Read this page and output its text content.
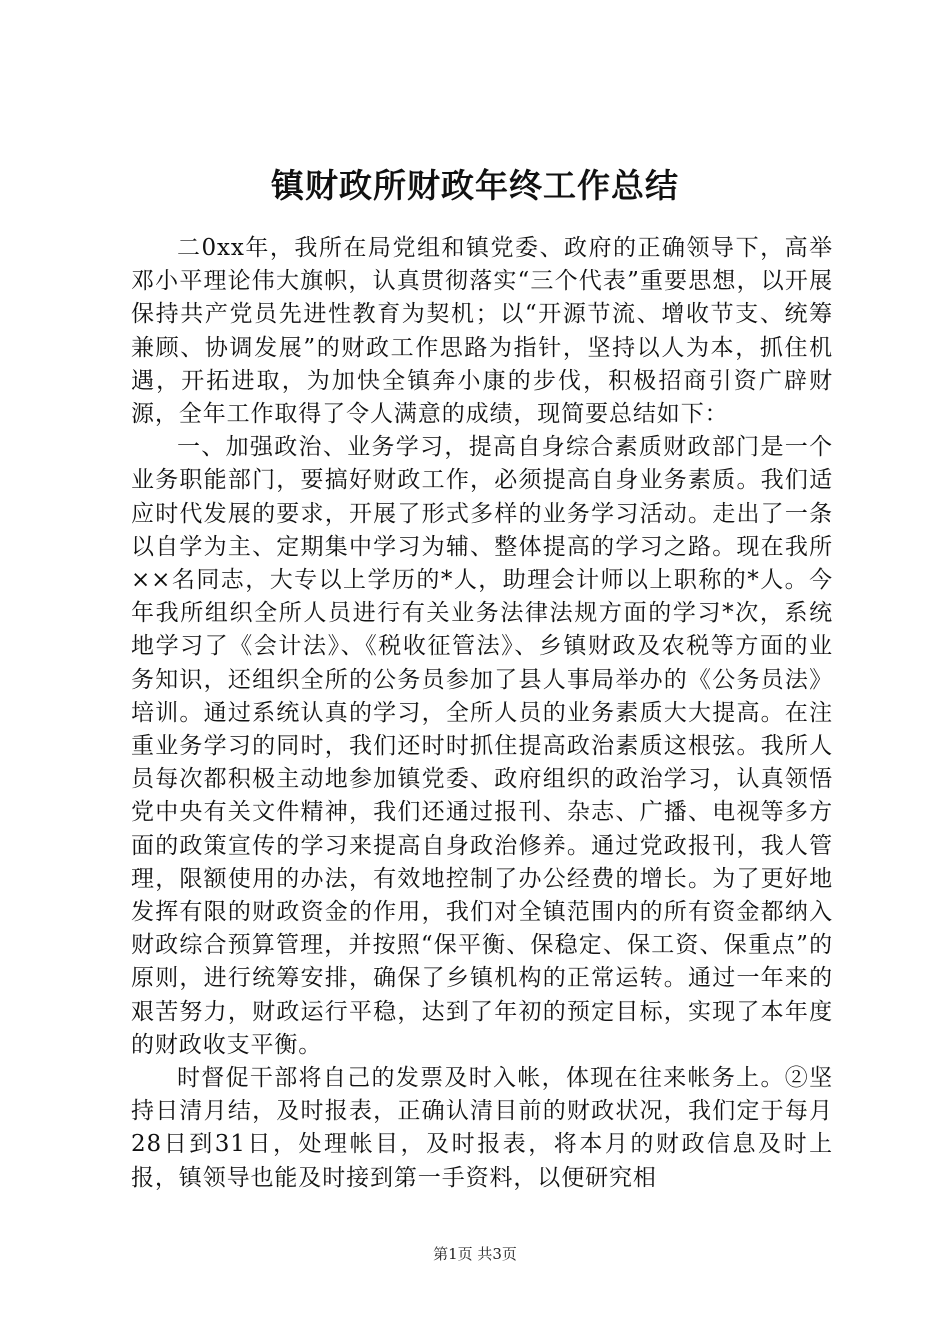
镇财政所财政年终工作总结

二0xx年，我所在局党组和镇党委、政府的正确领导下，高举邓小平理论伟大旗帜，认真贯彻落实“三个代表”重要思想，以开展保持共产党员先进性教育为契机；以“开源节流、增收节支、统筹兼顾、协调发展”的财政工作思路为指针，坚持以人为本，抓住机遇，开拓进取，为加快全镇奔小康的步伐，积极招商引资广辟财源，全年工作取得了令人满意的成绩，现简要总结如下：

一、加强政治、业务学习，提高自身综合素质财政部门是一个业务职能部门，要搞好财政工作，必须提高自身业务素质。我们适应时代发展的要求，开展了形式多样的业务学习活动。走出了一条以自学为主、定期集中学习为辅、整体提高的学习之路。现在我所××名同志，大专以上学历的*人，助理会计师以上职称的*人。今年我所组织全所人员进行有关业务法律法规方面的学习*次，系统地学习了《会计法》、《税收征管法》、乡镇财政及农税等方面的业务知识，还组织全所的公务员参加了县人事局举办的《公务员法》培训。通过系统认真的学习，全所人员的业务素质大大提高。在注重业务学习的同时，我们还时时抓住提高政治素质这根弦。我所人员每次都积极主动地参加镇党委、政府组织的政治学习，认真领悟党中央有关文件精神，我们还通过报刊、杂志、广播、电视等多方面的政策宣传的学习来提高自身政治修养。通过党政报刊，我人管理，限额使用的办法，有效地控制了办公经费的增长。为了更好地发挥有限的财政资金的作用，我们对全镇范围内的所有资金都纳入财政综合预算管理，并按照“保平衡、保稳定、保工资、保重点”的原则，进行统筹安排，确保了乡镇机构的正常运转。通过一年来的艰苦努力，财政运行平稳，达到了年初的预定目标，实现了本年度的财政收支平衡。

时督促干部将自己的发票及时入帐，体现在往来帐务上。②坚持日清月结，及时报表，正确认清目前的财政状况，我们定于每月28日到31日，处理帐目，及时报表，将本月的财政信息及时上报，镇领导也能及时接到第一手资料，以便研究相

第1页 共3页
